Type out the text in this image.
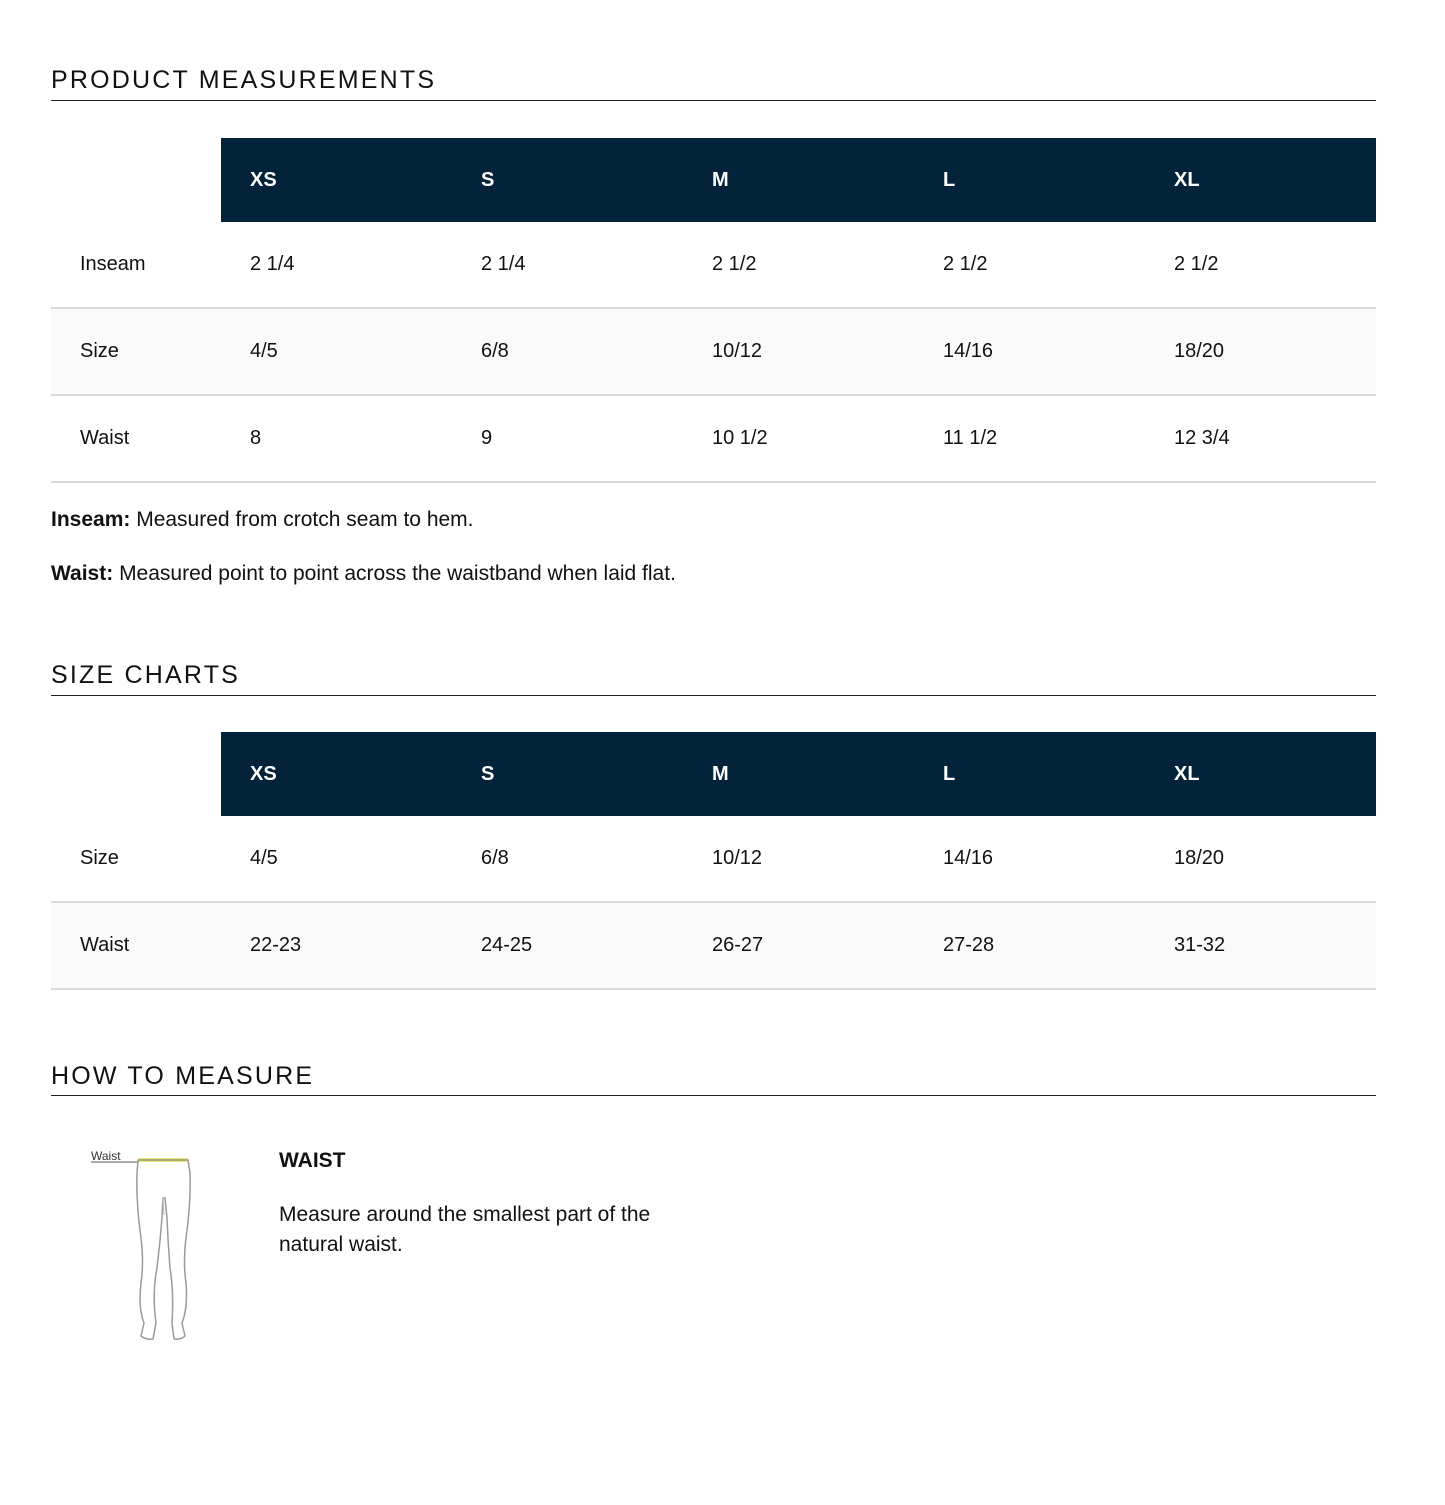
PRODUCT MEASUREMENTS
	XS	S	M	L	XL
Inseam	2 1/4	2 1/4	2 1/2	2 1/2	2 1/2
Size	4/5	6/8	10/12	14/16	18/20
Waist	8	9	10 1/2	11 1/2	12 3/4
Inseam: Measured from crotch seam to hem.
Waist: Measured point to point across the waistband when laid flat.
SIZE CHARTS
	XS	S	M	L	XL
Size	4/5	6/8	10/12	14/16	18/20
Waist	22-23	24-25	26-27	27-28	31-32
HOW TO MEASURE
Waist	WAIST
Measure around the smallest part of the natural waist.
